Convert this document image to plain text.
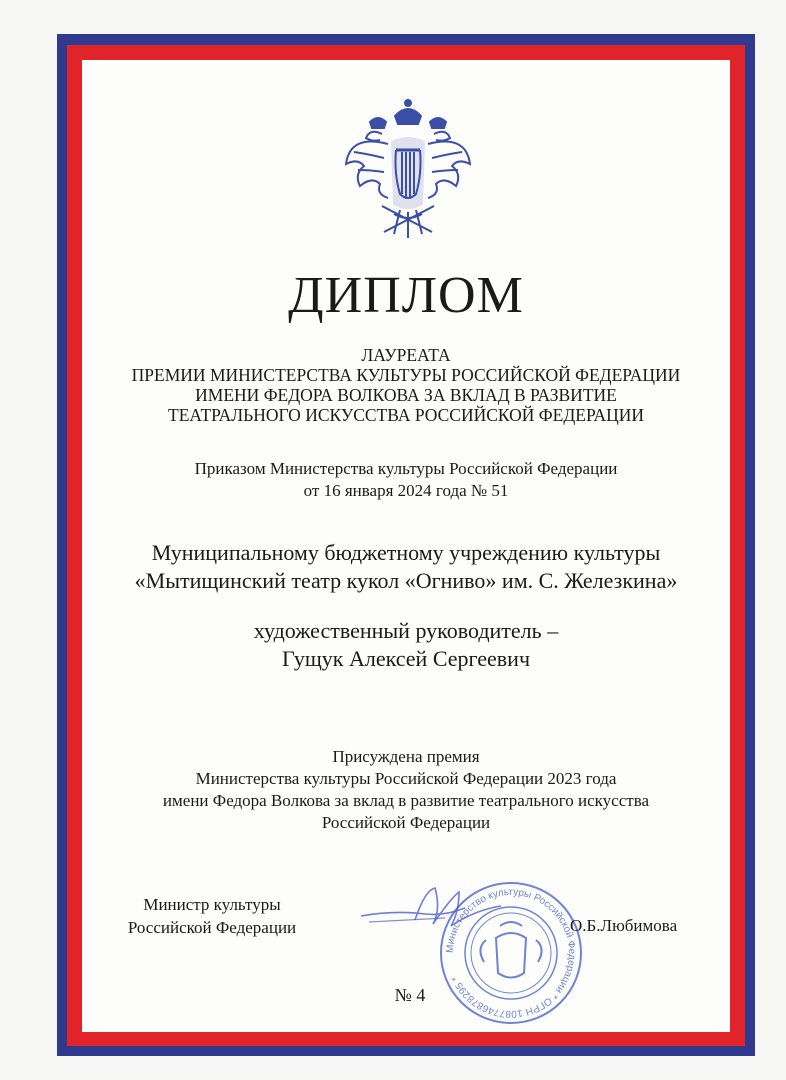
ДИПЛОМ
ЛАУРЕАТА
ПРЕМИИ МИНИСТЕРСТВА КУЛЬТУРЫ РОССИЙСКОЙ ФЕДЕРАЦИИ
ИМЕНИ ФЕДОРА ВОЛКОВА ЗА ВКЛАД В РАЗВИТИЕ
ТЕАТРАЛЬНОГО ИСКУССТВА РОССИЙСКОЙ ФЕДЕРАЦИИ
Приказом Министерства культуры Российской Федерации
от 16 января 2024 года № 51
Муниципальному бюджетному учреждению культуры
«Мытищинский театр кукол «Огниво» им. С. Железкина»
художественный руководитель –
Гущук Алексей Сергеевич
Присуждена премия
Министерства культуры Российской Федерации 2023 года
имени Федора Волкова за вклад в развитие театрального искусства
Российской Федерации
Министр культуры
Российской Федерации
Министерство культуры Российской Федерации * ОГРН 1087746878295 *
О.Б.Любимова
№ 4
